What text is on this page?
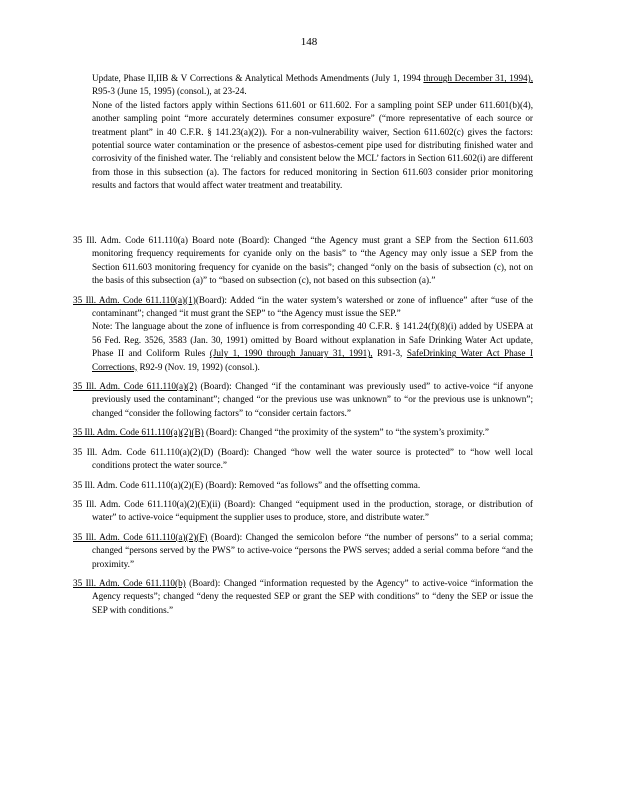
148

Update, Phase II,IIB & V Corrections & Analytical Methods Amendments (July 1, 1994 through December 31, 1994), R95-3 (June 15, 1995) (consol.), at 23-24.

None of the listed factors apply within Sections 611.601 or 611.602. For a sampling point SEP under 611.601(b)(4), another sampling point “more accurately determines consumer exposure” (“more representative of each source or treatment plant” in 40 C.F.R. § 141.23(a)(2)). For a non-vulnerability waiver, Section 611.602(c) gives the factors: potential source water contamination or the presence of asbestos-cement pipe used for distributing finished water and corrosivity of the finished water. The ‘reliably and consistent below the MCL’ factors in Section 611.602(i) are different from those in this subsection (a). The factors for reduced monitoring in Section 611.603 consider prior monitoring results and factors that would affect water treatment and treatability.

35 Ill. Adm. Code 611.110(a) Board note (Board): Changed “the Agency must grant a SEP from the Section 611.603 monitoring frequency requirements for cyanide only on the basis” to “the Agency may only issue a SEP from the Section 611.603 monitoring frequency for cyanide on the basis”; changed “only on the basis of subsection (c), not on the basis of this subsection (a)” to “based on subsection (c), not based on this subsection (a).”

35 Ill. Adm. Code 611.110(a)(1)(Board): Added “in the water system’s watershed or zone of influence” after “use of the contaminant”; changed “it must grant the SEP” to “the Agency must issue the SEP.”

Note: The language about the zone of influence is from corresponding 40 C.F.R. § 141.24(f)(8)(i) added by USEPA at 56 Fed. Reg. 3526, 3583 (Jan. 30, 1991) omitted by Board without explanation in Safe Drinking Water Act update, Phase II and Coliform Rules (July 1, 1990 through January 31, 1991), R91-3, SafeDrinking Water Act Phase I Corrections, R92-9 (Nov. 19, 1992) (consol.).

35 Ill. Adm. Code 611.110(a)(2) (Board): Changed “if the contaminant was previously used” to active-voice “if anyone previously used the contaminant”; changed “or the previous use was unknown” to “or the previous use is unknown”; changed “consider the following factors” to “consider certain factors.”

35 Ill. Adm. Code 611.110(a)(2)(B) (Board): Changed “the proximity of the system” to “the system’s proximity.”

35 Ill. Adm. Code 611.110(a)(2)(D) (Board): Changed “how well the water source is protected” to “how well local conditions protect the water source.”

35 Ill. Adm. Code 611.110(a)(2)(E) (Board): Removed “as follows” and the offsetting comma.

35 Ill. Adm. Code 611.110(a)(2)(E)(ii) (Board): Changed “equipment used in the production, storage, or distribution of water” to active-voice “equipment the supplier uses to produce, store, and distribute water.”

35 Ill. Adm. Code 611.110(a)(2)(F) (Board): Changed the semicolon before “the number of persons” to a serial comma; changed “persons served by the PWS” to active-voice “persons the PWS serves; added a serial comma before “and the proximity.”

35 Ill. Adm. Code 611.110(b) (Board): Changed “information requested by the Agency” to active-voice “information the Agency requests”; changed “deny the requested SEP or grant the SEP with conditions” to “deny the SEP or issue the SEP with conditions.”
